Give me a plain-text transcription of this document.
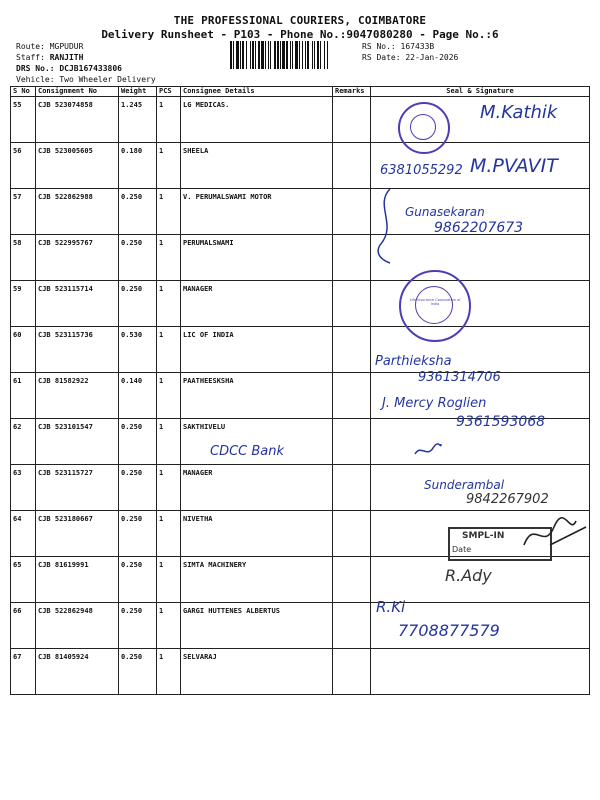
THE PROFESSIONAL COURIERS, COIMBATORE
Delivery Runsheet - P103 - Phone No.:9047080280 - Page No.:6
Route: MGPUDUR
Staff: RANJITH
DRS No.: DCJB167433806
Vehicle: Two Wheeler Delivery
RS No.: 167433B
RS Date: 22-Jan-2026
S No	Consignment No	Weight	PCS	Consignee Details	Remarks	Seal & Signature
55	CJB 523074858	1.245	1	LG MEDICAS.		
56	CJB 523005605	0.180	1	SHEELA		
57	CJB 522862988	0.250	1	V. PERUMALSWAMI MOTOR		
58	CJB 522995767	0.250	1	PERUMALSWAMI		
59	CJB 523115714	0.250	1	MANAGER		
60	CJB 523115736	0.530	1	LIC OF INDIA		
61	CJB 81582922	0.140	1	PAATHEESKSHA		
62	CJB 523101547	0.250	1	SAKTHIVELU		
63	CJB 523115727	0.250	1	MANAGER		
64	CJB 523180667	0.250	1	NIVETHA		
65	CJB 81619991	0.250	1	SIMTA MACHINERY		
66	CJB 522862948	0.250	1	GARGI HUTTENES ALBERTUS		
67	CJB 81405924	0.250	1	SELVARAJ		
Life Insurance Corporation of India
SMPL-IN
Date
M.Kathik
6381055292 M.PVAVIT
Gunasekaran
9862207673
Parthieksha
9361314706
J. Mercy Roglien
9361593068
CDCC Bank
Sunderambal
9842267902
R.Ady
R.Ki
7708877579
